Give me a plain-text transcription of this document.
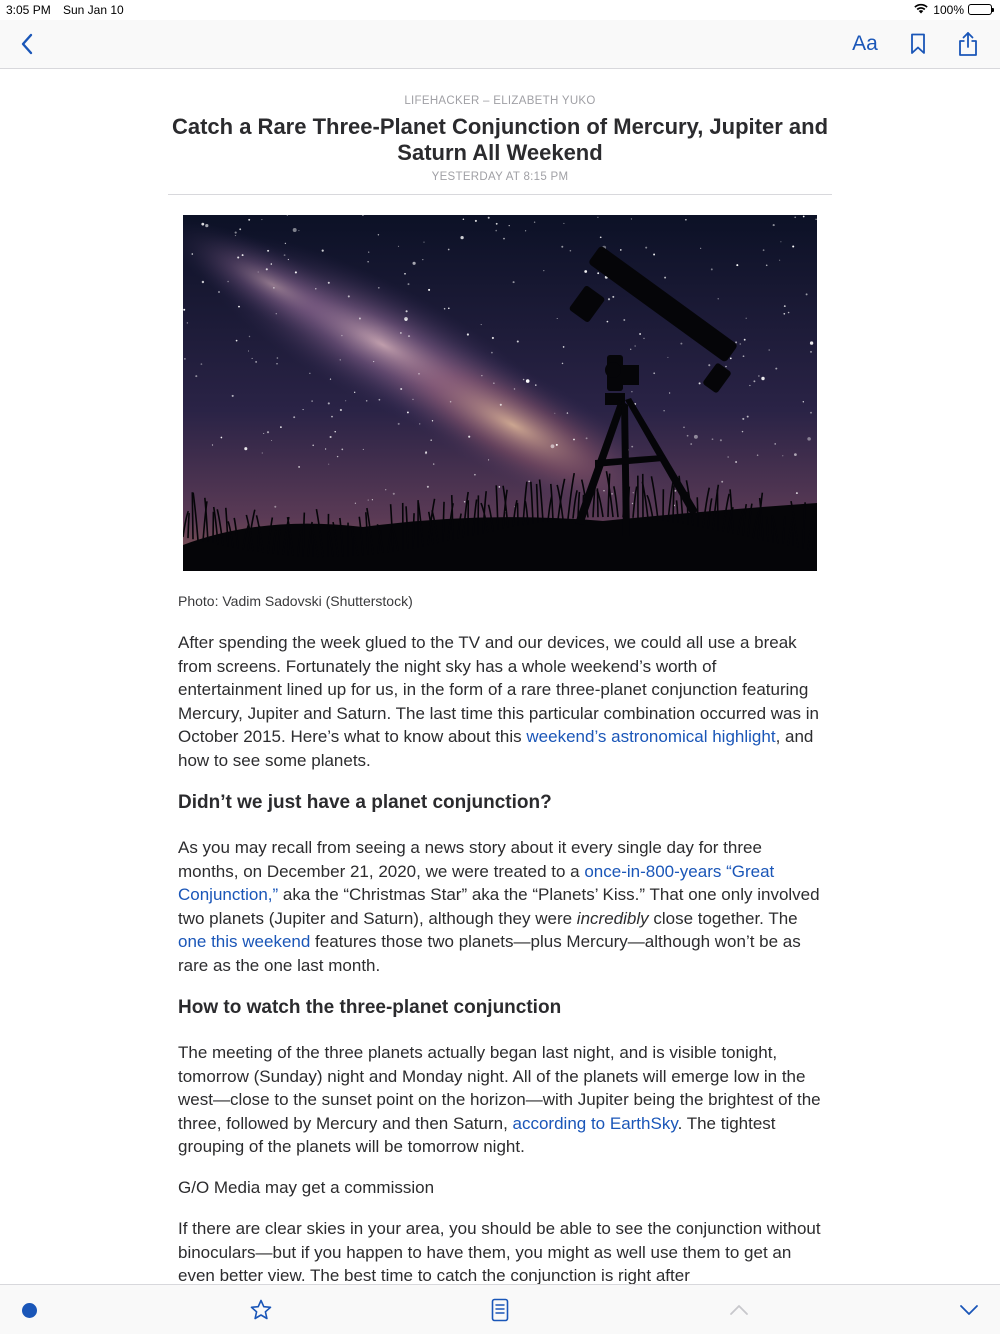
3:05 PM Sun Jan 10	100%
Aa
LIFEHACKER – ELIZABETH YUKO
Catch a Rare Three-Planet Conjunction of Mercury, Jupiter and Saturn All Weekend
YESTERDAY AT 8:15 PM
Photo: Vadim Sadovski (Shutterstock)

After spending the week glued to the TV and our devices, we could all use a break from screens. Fortunately the night sky has a whole weekend’s worth of entertainment lined up for us, in the form of a rare three-planet conjunction featuring Mercury, Jupiter and Saturn. The last time this particular combination occurred was in October 2015. Here’s what to know about this weekend’s astronomical highlight, and how to see some planets.

Didn’t we just have a planet conjunction?

As you may recall from seeing a news story about it every single day for three months, on December 21, 2020, we were treated to a once-in-800-years “Great Conjunction,” aka the “Christmas Star” aka the “Planets’ Kiss.” That one only involved two planets (Jupiter and Saturn), although they were incredibly close together. The one this weekend features those two planets—plus Mercury—although won’t be as rare as the one last month.

How to watch the three-planet conjunction

The meeting of the three planets actually began last night, and is visible tonight, tomorrow (Sunday) night and Monday night. All of the planets will emerge low in the west—close to the sunset point on the horizon—with Jupiter being the brightest of the three, followed by Mercury and then Saturn, according to EarthSky. The tightest grouping of the planets will be tomorrow night.

G/O Media may get a commission

If there are clear skies in your area, you should be able to see the conjunction without binoculars—but if you happen to have them, you might as well use them to get an even better view. The best time to catch the conjunction is right after
